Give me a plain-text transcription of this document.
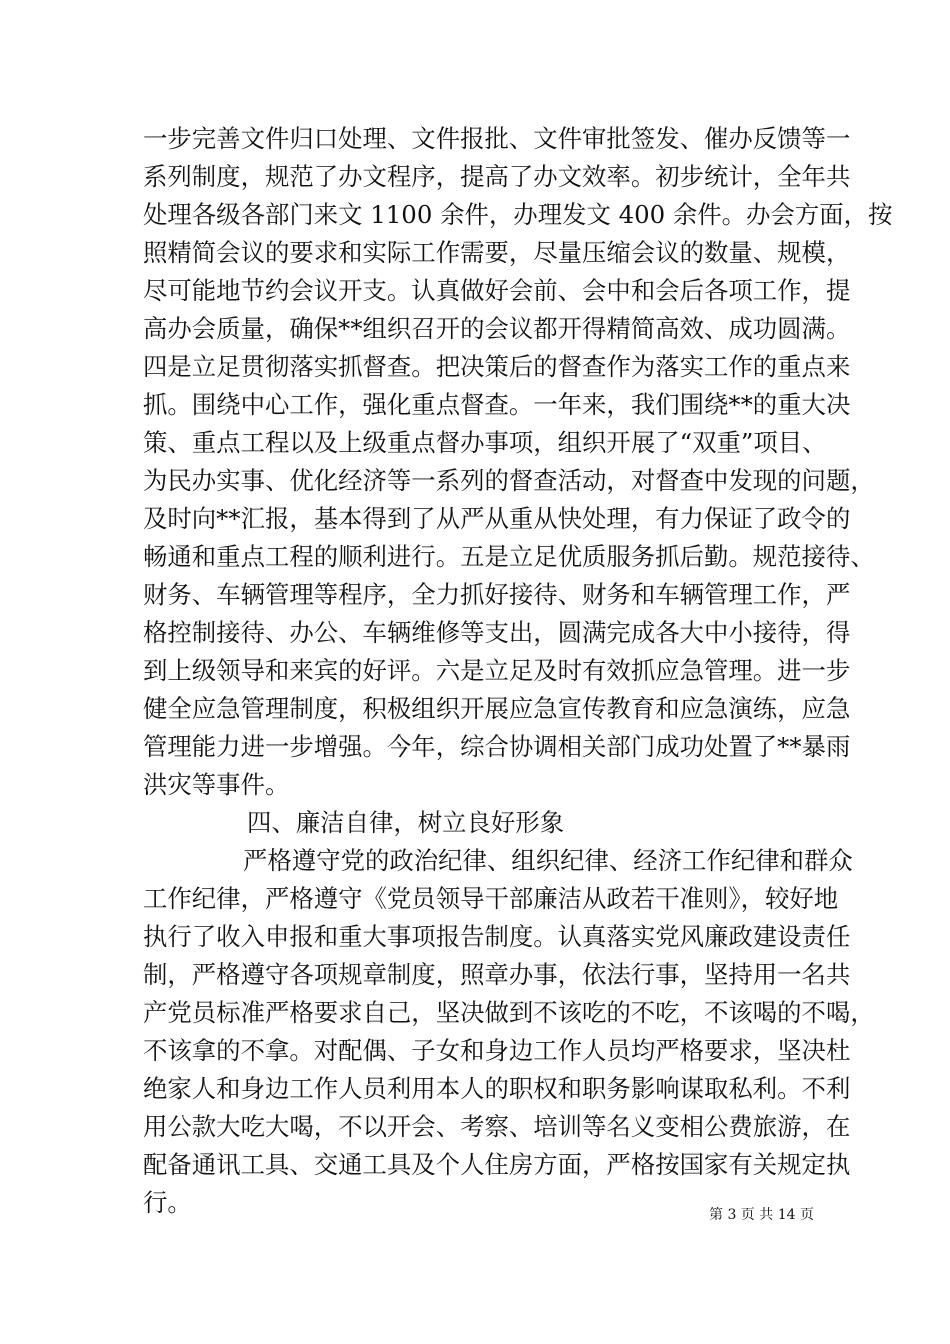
一步完善文件归口处理、文件报批、文件审批签发、催办反馈等一
系列制度，规范了办文程序，提高了办文效率。初步统计，全年共
处理各级各部门来文 1100 余件，办理发文 400 余件。办会方面，按
照精简会议的要求和实际工作需要，尽量压缩会议的数量、规模，
尽可能地节约会议开支。认真做好会前、会中和会后各项工作，提
高办会质量，确保**组织召开的会议都开得精简高效、成功圆满。
四是立足贯彻落实抓督查。把决策后的督查作为落实工作的重点来
抓。围绕中心工作，强化重点督查。一年来，我们围绕**的重大决
策、重点工程以及上级重点督办事项，组织开展了“双重”项目、
为民办实事、优化经济等一系列的督查活动，对督查中发现的问题，
及时向**汇报，基本得到了从严从重从快处理，有力保证了政令的
畅通和重点工程的顺利进行。五是立足优质服务抓后勤。规范接待、
财务、车辆管理等程序，全力抓好接待、财务和车辆管理工作，严
格控制接待、办公、车辆维修等支出，圆满完成各大中小接待，得
到上级领导和来宾的好评。六是立足及时有效抓应急管理。进一步
健全应急管理制度，积极组织开展应急宣传教育和应急演练，应急
管理能力进一步增强。今年，综合协调相关部门成功处置了**暴雨
洪灾等事件。
四、廉洁自律，树立良好形象
严格遵守党的政治纪律、组织纪律、经济工作纪律和群众
工作纪律，严格遵守《党员领导干部廉洁从政若干准则》，较好地
执行了收入申报和重大事项报告制度。认真落实党风廉政建设责任
制，严格遵守各项规章制度，照章办事，依法行事，坚持用一名共
产党员标准严格要求自己，坚决做到不该吃的不吃，不该喝的不喝，
不该拿的不拿。对配偶、子女和身边工作人员均严格要求，坚决杜
绝家人和身边工作人员利用本人的职权和职务影响谋取私利。不利
用公款大吃大喝，不以开会、考察、培训等名义变相公费旅游，在
配备通讯工具、交通工具及个人住房方面，严格按国家有关规定执
行。	第 3 页 共 14 页
